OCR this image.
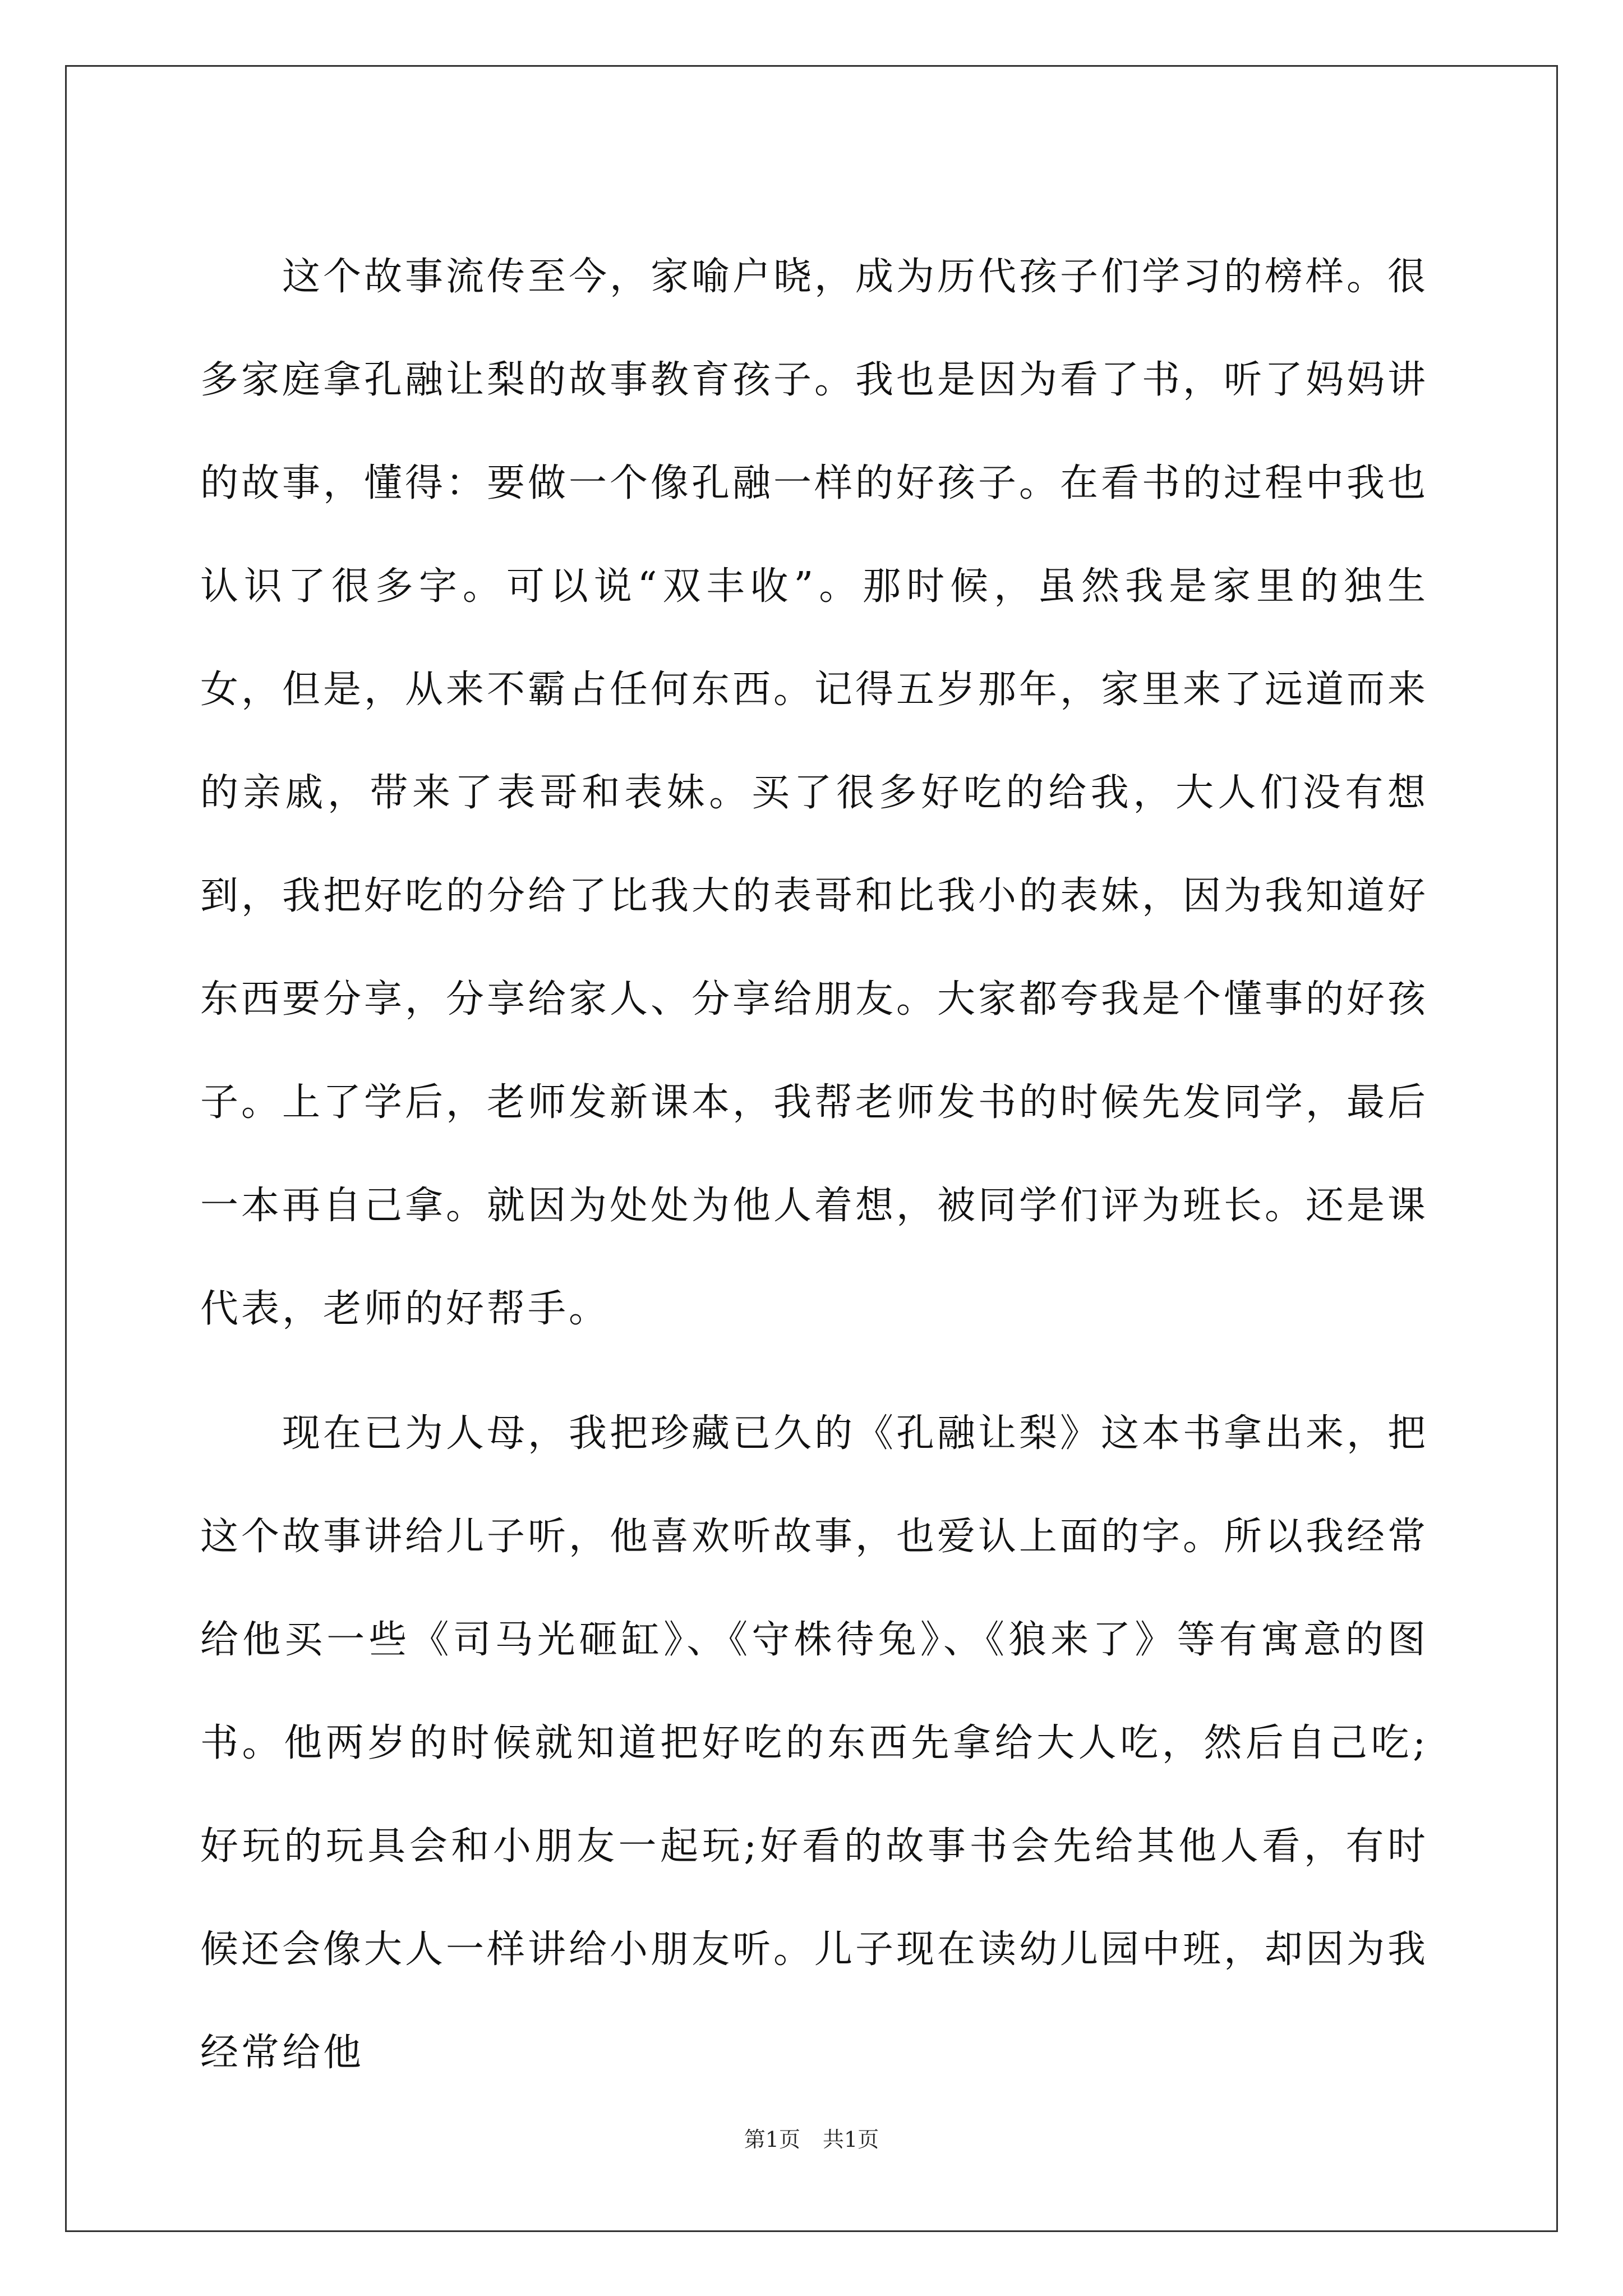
这个故事流传至今，家喻户晓，成为历代孩子们学习的榜样。很多家庭拿孔融让梨的故事教育孩子。我也是因为看了书，听了妈妈讲的故事，懂得：要做一个像孔融一样的好孩子。在看书的过程中我也认识了很多字。可以说“双丰收”。那时候，虽然我是家里的独生女，但是，从来不霸占任何东西。记得五岁那年，家里来了远道而来的亲戚，带来了表哥和表妹。买了很多好吃的给我，大人们没有想到，我把好吃的分给了比我大的表哥和比我小的表妹，因为我知道好东西要分享，分享给家人、分享给朋友。大家都夸我是个懂事的好孩子。上了学后，老师发新课本，我帮老师发书的时候先发同学，最后一本再自己拿。就因为处处为他人着想，被同学们评为班长。还是课代表，老师的好帮手。

现在已为人母，我把珍藏已久的《孔融让梨》这本书拿出来，把这个故事讲给儿子听，他喜欢听故事，也爱认上面的字。所以我经常给他买一些《司马光砸缸》、《守株待兔》、《狼来了》等有寓意的图书。他两岁的时候就知道把好吃的东西先拿给大人吃，然后自己吃;好玩的玩具会和小朋友一起玩;好看的故事书会先给其他人看，有时候还会像大人一样讲给小朋友听。儿子现在读幼儿园中班，却因为我经常给他

第1页 共1页
